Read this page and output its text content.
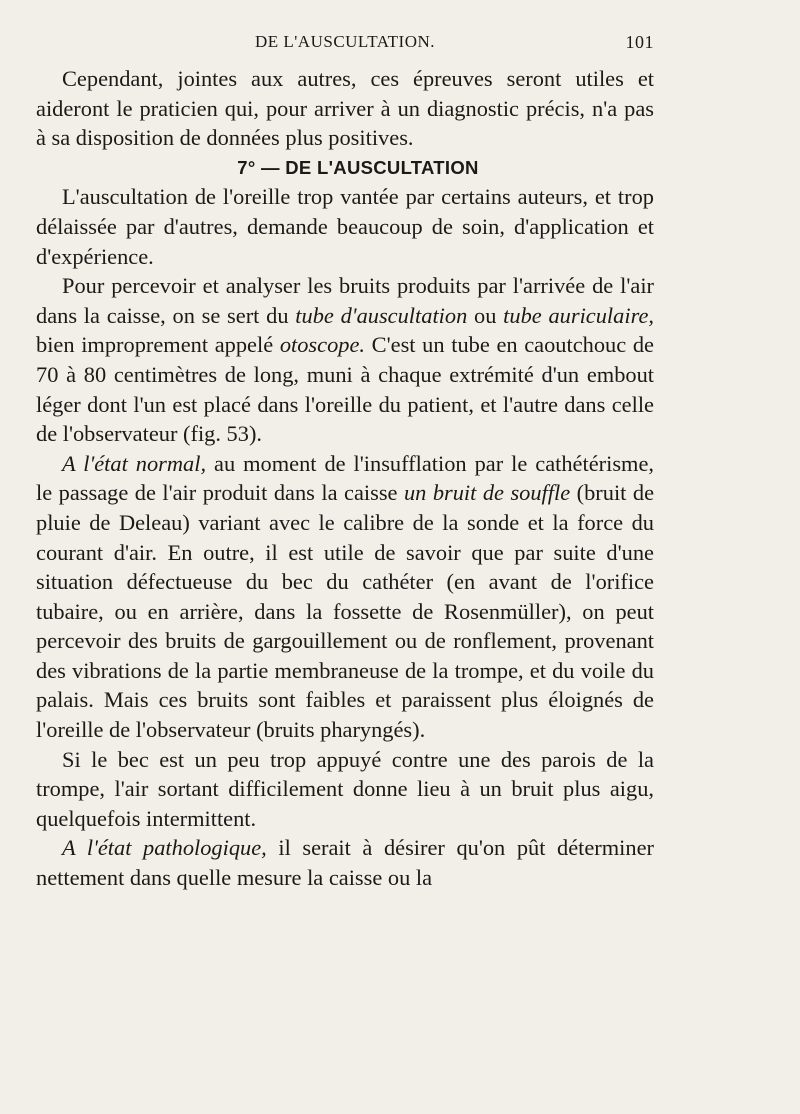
DE L'AUSCULTATION.	101

Cependant, jointes aux autres, ces épreuves seront utiles et aideront le praticien qui, pour arriver à un diagnostic précis, n'a pas à sa disposition de données plus positives.

7° — DE L'AUSCULTATION

L'auscultation de l'oreille trop vantée par certains auteurs, et trop délaissée par d'autres, demande beaucoup de soin, d'application et d'expérience.

Pour percevoir et analyser les bruits produits par l'arrivée de l'air dans la caisse, on se sert du tube d'auscultation ou tube auriculaire, bien improprement appelé otoscope. C'est un tube en caoutchouc de 70 à 80 centimètres de long, muni à chaque extrémité d'un embout léger dont l'un est placé dans l'oreille du patient, et l'autre dans celle de l'observateur (fig. 53).

A l'état normal, au moment de l'insufflation par le cathétérisme, le passage de l'air produit dans la caisse un bruit de souffle (bruit de pluie de Deleau) variant avec le calibre de la sonde et la force du courant d'air. En outre, il est utile de savoir que par suite d'une situation défectueuse du bec du cathéter (en avant de l'orifice tubaire, ou en arrière, dans la fossette de Rosenmüller), on peut percevoir des bruits de gargouillement ou de ronflement, provenant des vibrations de la partie membraneuse de la trompe, et du voile du palais. Mais ces bruits sont faibles et paraissent plus éloignés de l'oreille de l'observateur (bruits pharyngés).

Si le bec est un peu trop appuyé contre une des parois de la trompe, l'air sortant difficilement donne lieu à un bruit plus aigu, quelquefois intermittent.

A l'état pathologique, il serait à désirer qu'on pût déterminer nettement dans quelle mesure la caisse ou la
